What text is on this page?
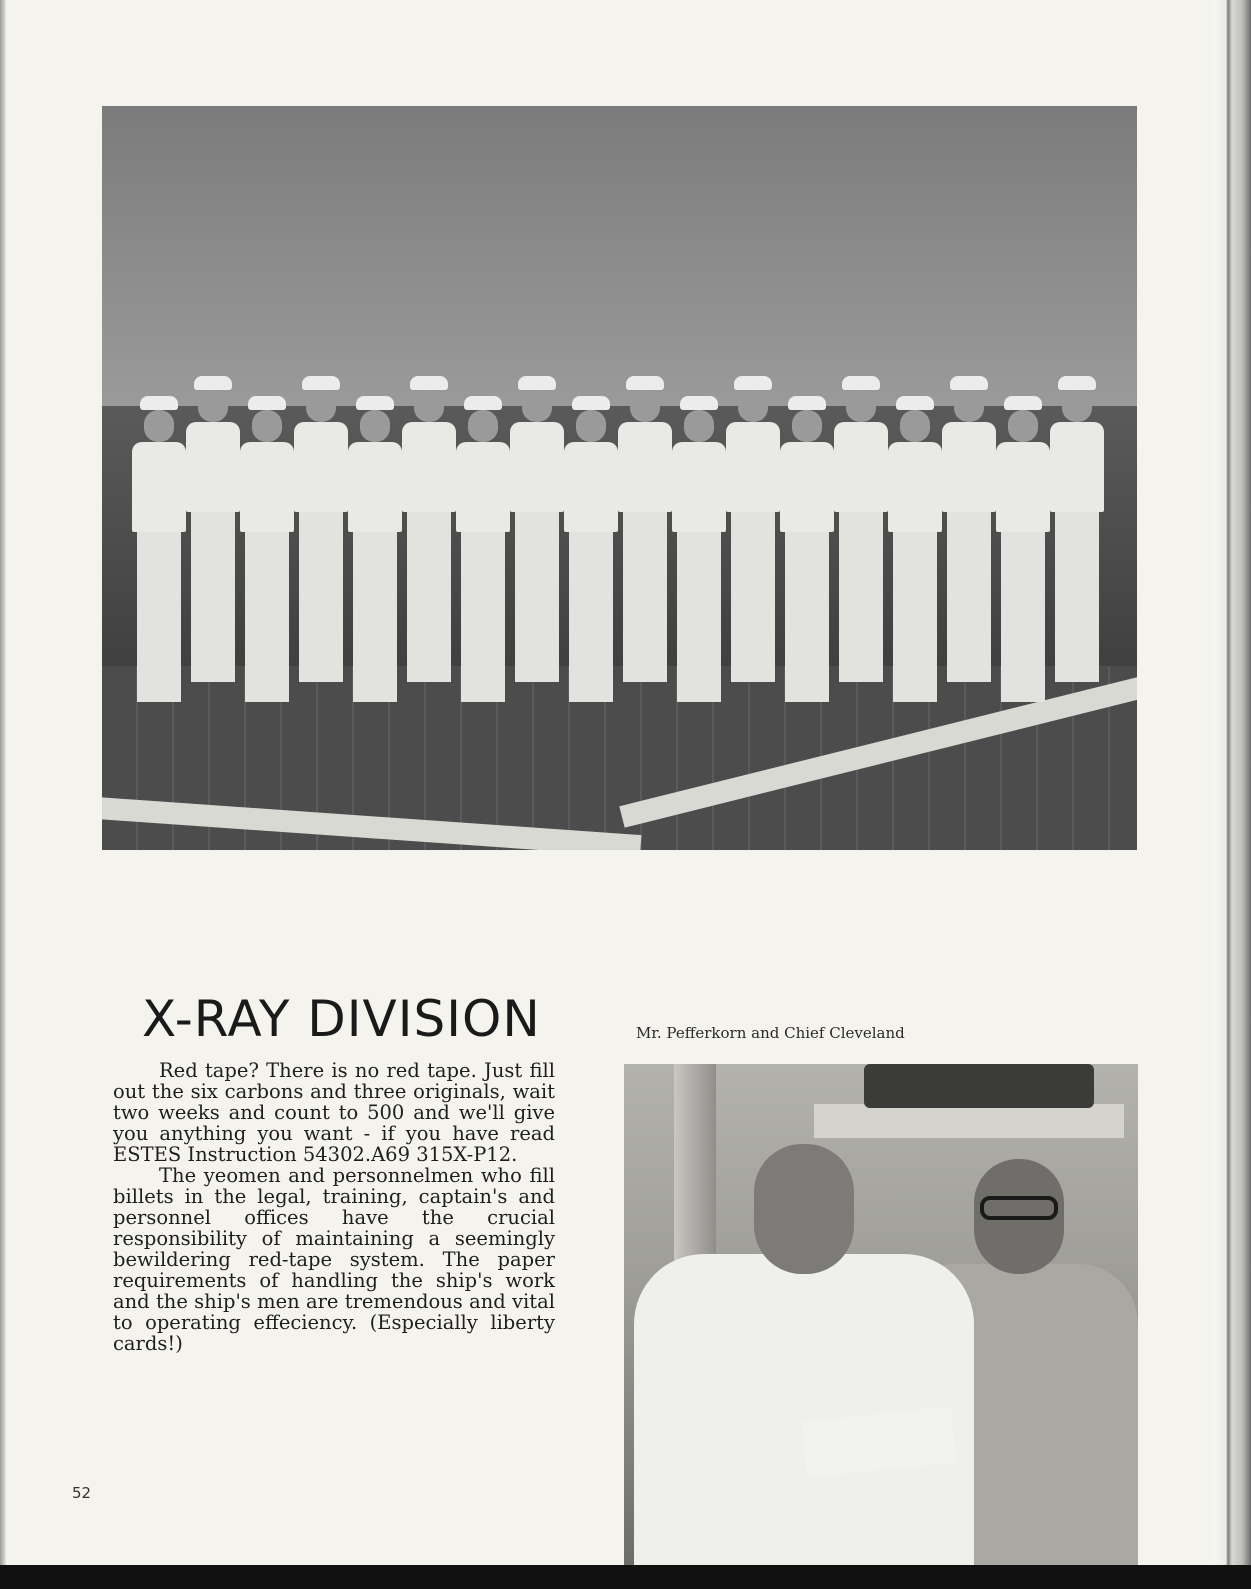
X-RAY DIVISION	Mr. Pefferkorn and Chief Cleveland

Red tape? There is no red tape. Just fill out the six carbons and three originals, wait two weeks and count to 500 and we'll give you anything you want - if you have read ESTES Instruction 54302.A69 315X-P12.

The yeomen and personnelmen who fill billets in the legal, training, captain's and personnel offices have the crucial responsibility of maintaining a seemingly bewildering red-tape system. The paper requirements of handling the ship's work and the ship's men are tremendous and vital to operating effeciency. (Especially liberty cards!)

52
